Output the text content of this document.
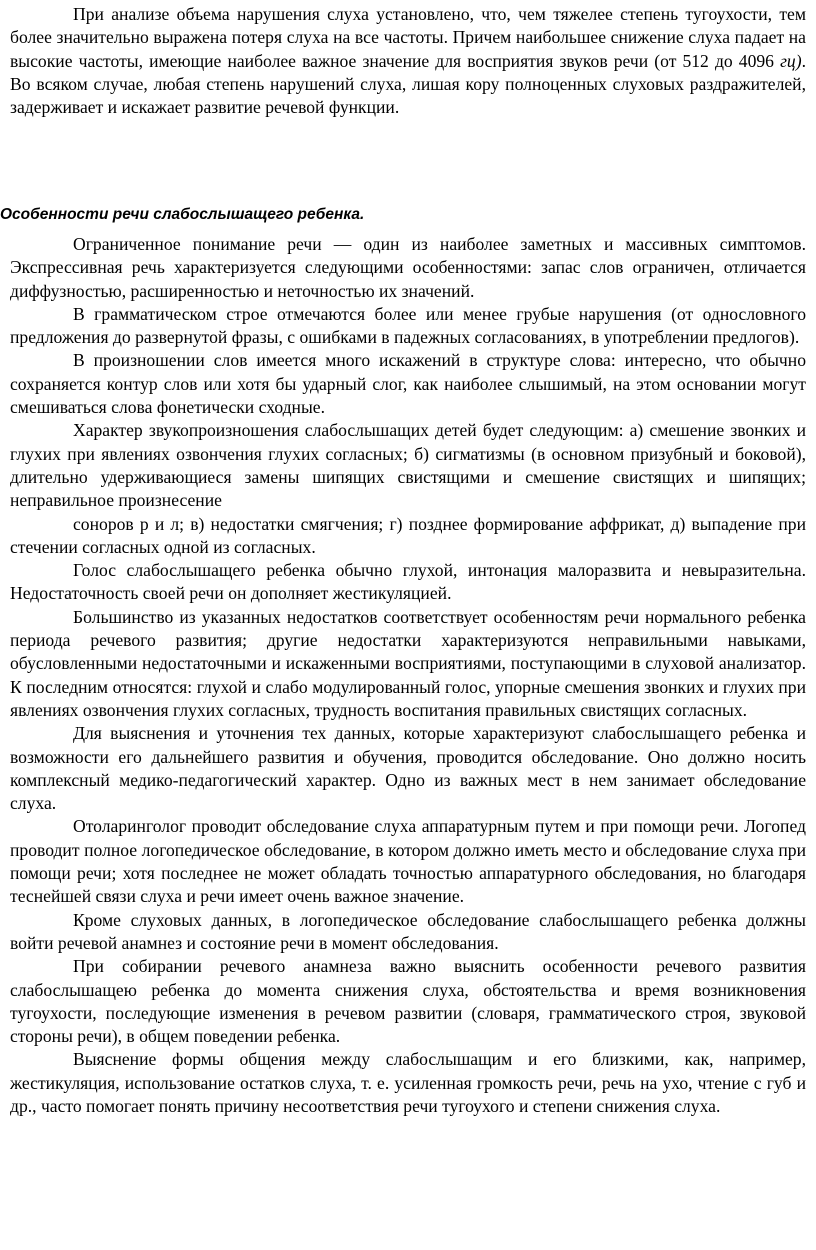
При анализе объема нарушения слуха установлено, что, чем тяжелее степень тугоухости, тем более значительно выражена потеря слуха на все частоты. Причем наибольшее снижение слуха падает на высокие частоты, имеющие наиболее важное значение для восприятия звуков речи (от 512 до 4096 гц). Во всяком случае, любая степень нарушений слуха, лишая кору полноценных слуховых раздражителей, задерживает и искажает развитие речевой функции.

Особенности речи слабослышащего ребенка.

Ограниченное понимание речи — один из наиболее заметных и массивных симптомов. Экспрессивная речь характеризуется следующими особенностями: запас слов ограничен, отличается диффузностью, расширенностью и неточностью их значений.

В грамматическом строе отмечаются более или менее грубые нарушения (от однословного предложения до развернутой фразы, с ошибками в падежных согласованиях, в употреблении предлогов).

В произношении слов имеется много искажений в структуре слова: интересно, что обычно сохраняется контур слов или хотя бы ударный слог, как наиболее слышимый, на этом основании могут смешиваться слова фонетически сходные.

Характер звукопроизношения слабослышащих детей будет следующим: а) смешение звонких и глухих при явлениях озвончения глухих согласных; б) сигматизмы (в основном призубный и боковой), длительно удерживающиеся замены шипящих свистящими и смешение свистящих и шипящих; неправильное произнесение

соноров р и л; в) недостатки смягчения; г) позднее формирование аффрикат, д) выпадение при стечении согласных одной из согласных.

Голос слабослышащего ребенка обычно глухой, интонация малоразвита и невыразительна. Недостаточность своей речи он дополняет жестикуляцией.

Большинство из указанных недостатков соответствует особенностям речи нормального ребенка периода речевого развития; другие недостатки характеризуются неправильными навыками, обусловленными недостаточными и искаженными восприятиями, поступающими в слуховой анализатор. К последним относятся: глухой и слабо модулированный голос, упорные смешения звонких и глухих при явлениях озвончения глухих согласных, трудность воспитания правильных свистящих согласных.

Для выяснения и уточнения тех данных, которые характеризуют слабослышащего ребенка и возможности его дальнейшего развития и обучения, проводится обследование. Оно должно носить комплексный медико-педагогический характер. Одно из важных мест в нем занимает обследование слуха.

Отоларинголог проводит обследование слуха аппаратурным путем и при помощи речи. Логопед проводит полное логопедическое обследование, в котором должно иметь место и обследование слуха при помощи речи; хотя последнее не может обладать точностью аппаратурного обследования, но благодаря теснейшей связи слуха и речи имеет очень важное значение.

Кроме слуховых данных, в логопедическое обследование слабослышащего ребенка должны войти речевой анамнез и состояние речи в момент обследования.

При собирании речевого анамнеза важно выяснить особенности речевого развития слабослышащею ребенка до момента снижения слуха, обстоятельства и время возникновения тугоухости, последующие изменения в речевом развитии (словаря, грамматического строя, звуковой стороны речи), в общем поведении ребенка.

Выяснение формы общения между слабослышащим и его близкими, как, например, жестикуляция, использование остатков слуха, т. е. усиленная громкость речи, речь на ухо, чтение с губ и др., часто помогает понять причину несоответствия речи тугоухого и степени снижения слуха.
